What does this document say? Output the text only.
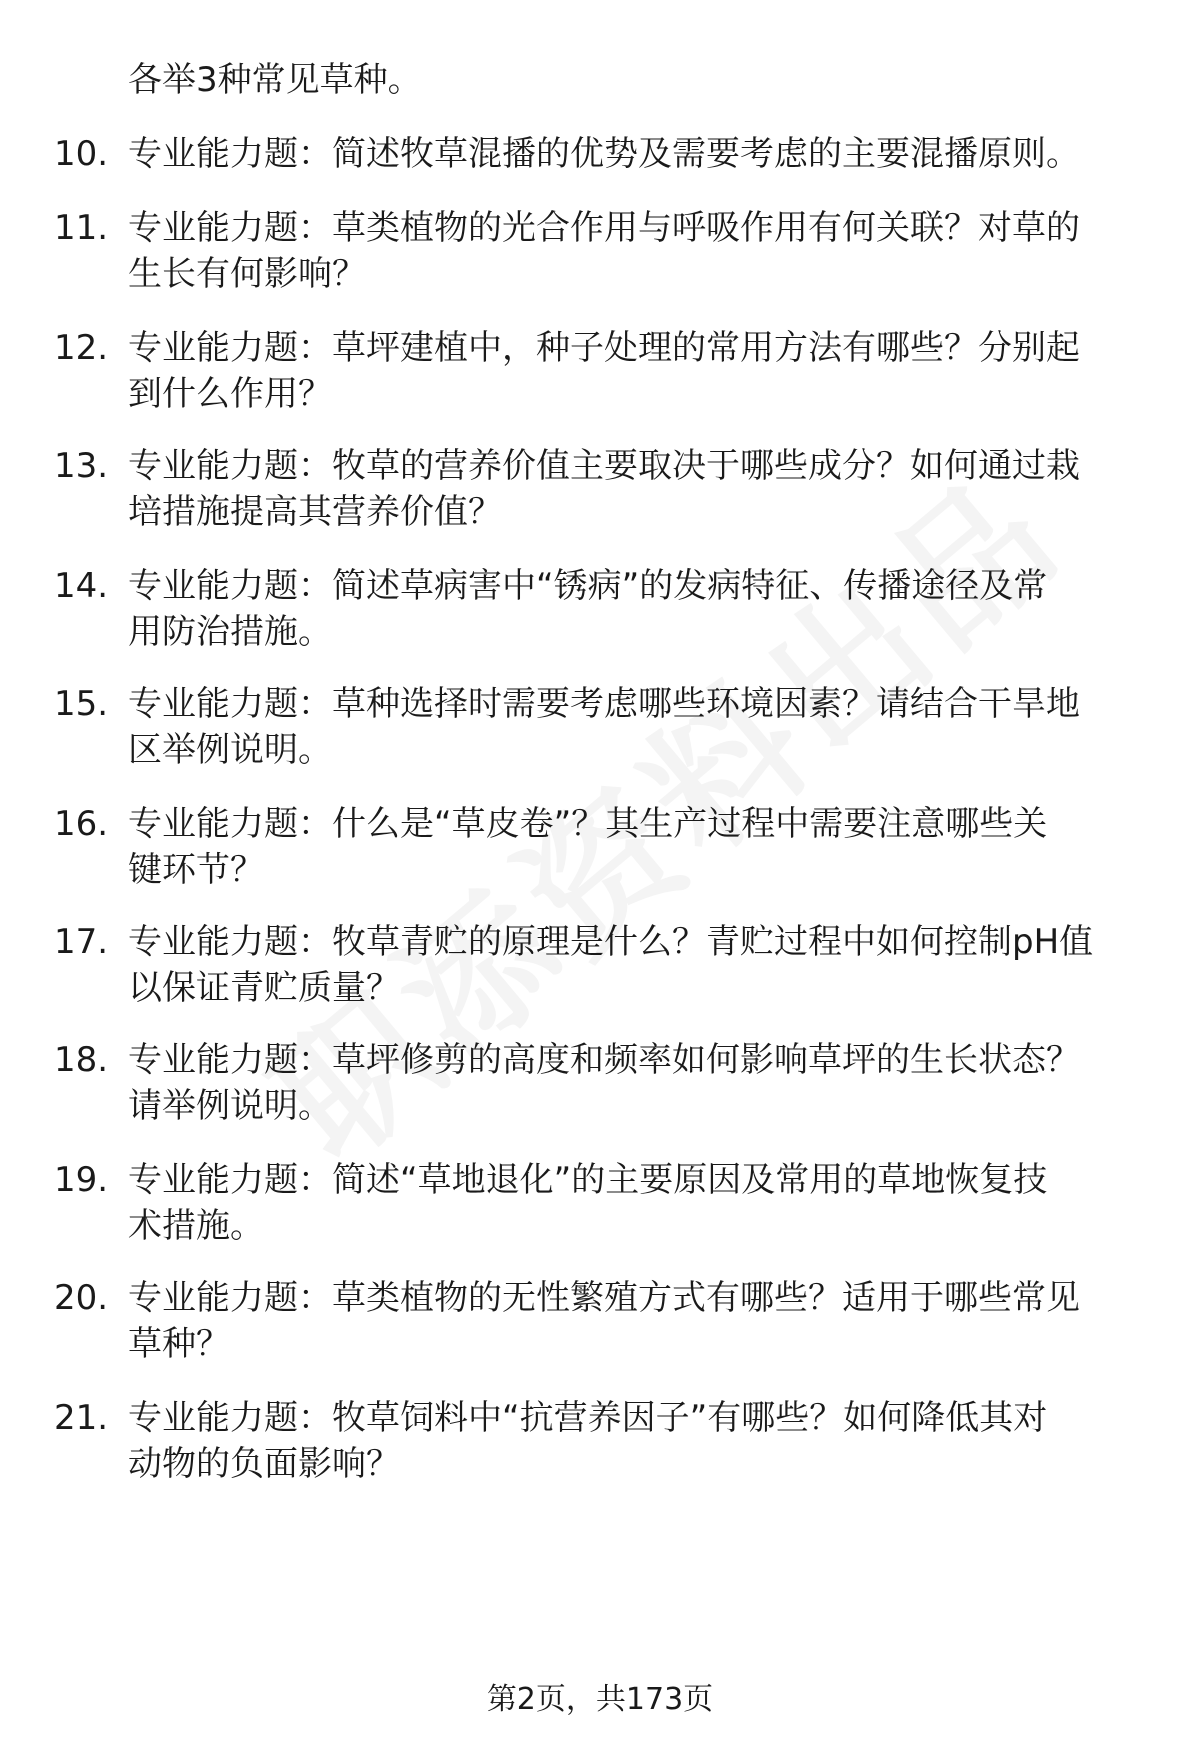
各举3种常见草种。
10. 专业能力题：简述牧草混播的优势及需要考虑的主要混播原则。
11. 专业能力题：草类植物的光合作用与呼吸作用有何关联？对草的
生长有何影响？
12. 专业能力题：草坪建植中，种子处理的常用方法有哪些？分别起
到什么作用？
13. 专业能力题：牧草的营养价值主要取决于哪些成分？如何通过栽
培措施提高其营养价值？
14. 专业能力题：简述草病害中“锈病”的发病特征、传播途径及常
用防治措施。
15. 专业能力题：草种选择时需要考虑哪些环境因素？请结合干旱地
区举例说明。
16. 专业能力题：什么是“草皮卷”？其生产过程中需要注意哪些关
键环节？
17. 专业能力题：牧草青贮的原理是什么？青贮过程中如何控制pH值
以保证青贮质量？
18. 专业能力题：草坪修剪的高度和频率如何影响草坪的生长状态？
请举例说明。
19. 专业能力题：简述“草地退化”的主要原因及常用的草地恢复技
术措施。
20. 专业能力题：草类植物的无性繁殖方式有哪些？适用于哪些常见
草种？
21. 专业能力题：牧草饲料中“抗营养因子”有哪些？如何降低其对
动物的负面影响？
第2页，共173页
